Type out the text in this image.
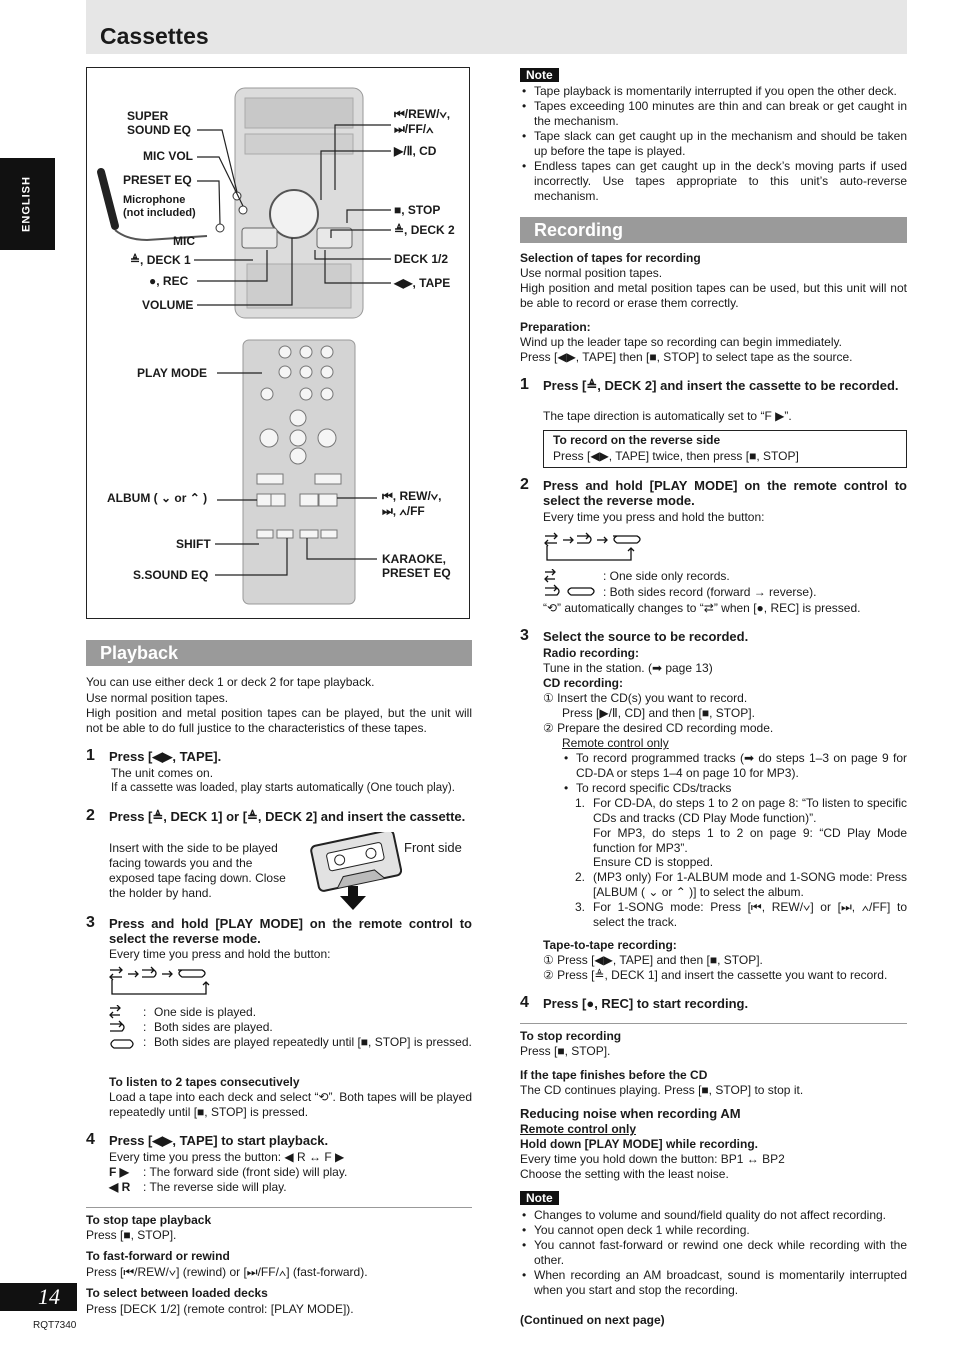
Cassettes
ENGLISH
SUPER
SOUND EQ
MIC VOL
PRESET EQ
Microphone
(not included)
MIC
≜, DECK 1
●, REC
VOLUME
⏮/REW/∨,
⏭/FF/∧
▶/Ⅱ, CD
■, STOP
≜, DECK 2
DECK 1/2
◀▶, TAPE
PLAY MODE
ALBUM ( ⌄ or ⌃ )	⏮, REW/∨,
⏭, ∧/FF
SHIFT
S.SOUND EQ
KARAOKE,
PRESET EQ
Playback
You can use either deck 1 or deck 2 for tape playback.
Use normal position tapes.
High position and metal position tapes can be played, but the unit will not be able to do full justice to the characteristics of these tapes.
1 Press [◀▶, TAPE].
The unit comes on.
If a cassette was loaded, play starts automatically (One touch play).
2 Press [≜, DECK 1] or [≜, DECK 2] and insert the cassette.
Insert with the side to be played facing towards you and the exposed tape facing down. Close the holder by hand.
Front side
3 Press and hold [PLAY MODE] on the remote control to select the reverse mode.
Every time you press and hold the button:
: One side is played.
: Both sides are played.
: Both sides are played repeatedly until [■, STOP] is pressed.
To listen to 2 tapes consecutively
Load a tape into each deck and select “⟲”. Both tapes will be played repeatedly until [■, STOP] is pressed.
4 Press [◀▶, TAPE] to start playback.
Every time you press the button: ◀ R ↔ F ▶
F ▶ : The forward side (front side) will play.
◀ R : The reverse side will play.
To stop tape playback
Press [■, STOP].
To fast-forward or rewind
Press [⏮/REW/∨] (rewind) or [⏭/FF/∧] (fast-forward).
To select between loaded decks
Press [DECK 1/2] (remote control: [PLAY MODE]).
14
RQT7340
Note
• Tape playback is momentarily interrupted if you open the other deck.
• Tapes exceeding 100 minutes are thin and can break or get caught in the mechanism.
• Tape slack can get caught up in the mechanism and should be taken up before the tape is played.
• Endless tapes can get caught up in the deck’s moving parts if used incorrectly. Use tapes appropriate to this unit’s auto-reverse mechanism.
Recording
Selection of tapes for recording
Use normal position tapes.
High position and metal position tapes can be used, but this unit will not be able to record or erase them correctly.
Preparation:
Wind up the leader tape so recording can begin immediately.
Press [◀▶, TAPE] then [■, STOP] to select tape as the source.
1 Press [≜, DECK 2] and insert the cassette to be recorded.
The tape direction is automatically set to “F ▶”.
To record on the reverse side
Press [◀▶, TAPE] twice, then press [■, STOP]
2 Press and hold [PLAY MODE] on the remote control to select the reverse mode.
Every time you press and hold the button:
: One side only records.
: Both sides record (forward → reverse).
“⟲” automatically changes to “⇄” when [●, REC] is pressed.
3 Select the source to be recorded.
Radio recording:
Tune in the station. (➡ page 13)
CD recording:
① Insert the CD(s) you want to record.
Press [▶/Ⅱ, CD] and then [■, STOP].
② Prepare the desired CD recording mode.
Remote control only
• To record programmed tracks (➡ do steps 1–3 on page 9 for CD-DA or steps 1–4 on page 10 for MP3).
• To record specific CDs/tracks
1. For CD-DA, do steps 1 to 2 on page 8: “To listen to specific CDs and tracks (CD Play Mode function)”.
For MP3, do steps 1 to 2 on page 9: “CD Play Mode function for MP3”.
Ensure CD is stopped.
2. (MP3 only) For 1-ALBUM mode and 1-SONG mode: Press [ALBUM ( ⌄ or ⌃ )] to select the album.
3. For 1-SONG mode: Press [⏮, REW/∨] or [⏭, ∧/FF] to select the track.
Tape-to-tape recording:
① Press [◀▶, TAPE] and then [■, STOP].
② Press [≜, DECK 1] and insert the cassette you want to record.
4 Press [●, REC] to start recording.
To stop recording
Press [■, STOP].
If the tape finishes before the CD
The CD continues playing. Press [■, STOP] to stop it.
Reducing noise when recording AM
Remote control only
Hold down [PLAY MODE] while recording.
Every time you hold down the button: BP1 ↔ BP2
Choose the setting with the least noise.
Note
• Changes to volume and sound/field quality do not affect recording.
• You cannot open deck 1 while recording.
• You cannot fast-forward or rewind one deck while recording with the other.
• When recording an AM broadcast, sound is momentarily interrupted when you start and stop the recording.
(Continued on next page)
